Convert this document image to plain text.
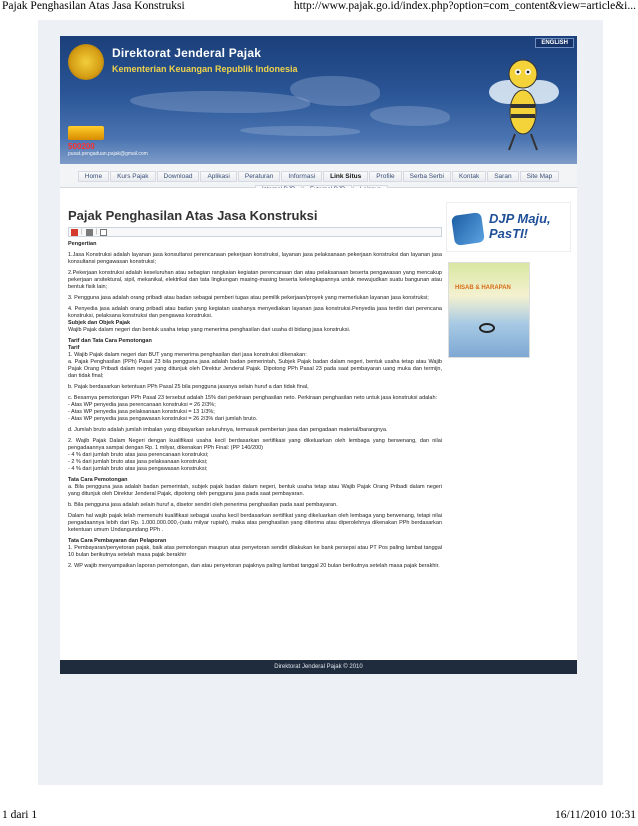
Pajak Penghasilan Atas Jasa Konstruksi	http://www.pajak.go.id/index.php?option=com_content&view=article&i...
ENGLISH
Direktorat Jenderal Pajak
Kementerian Keuangan Republik Indonesia
500200
pusat.pengaduan.pajak@gmail.com
Home	Kurs Pajak	Download	Aplikasi	Peraturan	Informasi	Link Situs	Profile	Serba Serbi	Kontak	Saran	Site Map
Pajak Penghasilan Atas Jasa Konstruksi
| |

Pengertian

1.Jasa Konstruksi adalah layanan jasa konsultansi perencanaan pekerjaan konstruksi, layanan jasa pelaksanaan pekerjaan konstruksi dan layanan jasa konsultansi pengawasan konstruksi;

2.Pekerjaan konstruksi adalah keseluruhan atau sebagian rangkaian kegiatan perencanaan dan atau pelaksanaan beserta pengawasan yang mencakup pekerjaan arsitektural, sipil, mekanikal, elektrikal dan tata lingkungan masing-masing beserta kelengkapannya untuk mewujudkan suatu bangunan atau bentuk fisik lain;

3. Pengguna jasa adalah orang pribadi atau badan sebagai pemberi tugas atau pemilik pekerjaan/proyek yang memerlukan layanan jasa konstruksi;

4. Penyedia jasa adalah orang pribadi atau badan yang kegiatan usahanya menyediakan layanan jasa konstruksi.Penyedia jasa terdiri dari perencana konstruksi, pelaksana konstruksi dan pengawas konstruksi.

Subjek dan Objek Pajak

Wajib Pajak dalam negeri dan bentuk usaha tetap yang menerima penghasilan dari usaha di bidang jasa konstruksi.

Tarif dan Tata Cara Pemotongan

Tarif

1. Wajib Pajak dalam negeri dan BUT yang menerima penghasilan dari jasa konstruksi dikenakan:

a. Pajak Penghasilan (PPh) Pasal 23 bila pengguna jasa adalah badan pemerintah, Subjek Pajak badan dalam negeri, bentuk usaha tetap atau Wajib Pajak Orang Pribadi dalam negeri yang ditunjuk oleh Direktur Jenderal Pajak. Dipotong PPh Pasal 23 pada saat pembayaran uang muka dan termijn, dan tidak final;

b. Pajak berdasarkan ketentuan PPh Pasal 25 bila pengguna jasanya selain huruf a dan tidak final,

c. Besarnya pemotongan PPh Pasal 23 tersebut adalah 15% dari perkiraan penghasilan neto. Perkiraan penghasilan neto untuk jasa konstruksi adalah:

- Atas WP penyedia jasa perencanaan konstruksi = 26 2/3%;

- Atas WP penyedia jasa pelaksanaan konstruksi = 13 1/3%;

- Atas WP penyedia jasa pengawasan konstruksi = 26 2/3% dari jumlah bruto.

d. Jumlah bruto adalah jumlah imbalan yang dibayarkan seluruhnya, termasuk pemberian jasa dan pengadaan material/barangnya.

2. Wajib Pajak Dalam Negeri dengan kualifikasi usaha kecil berdasarkan sertifikasi yang dikeluarkan oleh lembaga yang berwenang, dan nilai pengadaannya sampai dengan Rp. 1 milyar, dikenakan PPh Final: (PP 140/200)

- 4 % dari jumlah bruto atas jasa perencanaan konstruksi;

- 2 % dari jumlah bruto atas jasa pelaksanaan konstruksi;

- 4 % dari jumlah bruto atas jasa pengawasan konstruksi;

Tata Cara Pemotongan

a. Bila pengguna jasa adalah badan pemerintah, subjek pajak badan dalam negeri, bentuk usaha tetap atau Wajib Pajak Orang Pribadi dalam negeri yang ditunjuk oleh Direktur Jenderal Pajak, dipotong oleh pengguna jasa pada saat pembayaran.

b. Bila pengguna jasa adalah selain huruf a, disetor sendiri oleh penerima penghasilan pada saat pembayaran.

Dalam hal wajib pajak telah memenuhi kualifikasi sebagai usaha kecil berdasarkan sertifikat yang dikeluarkan oleh lembaga yang berwenang, tetapi nilai pengadaannya lebih dari Rp. 1.000.000.000,-(satu milyar rupiah), maka atas penghasilan yang diterima atau diperolehnya dikenakan PPh berdasarkan ketentuan umum Undangundang PPh .

Tata Cara Pembayaran dan Pelaporan

1. Pembayaran/penyetoran pajak, baik atas pemotongan maupun atas penyetoran sendiri dilakukan ke bank persepsi atau PT Pos paling lambat tanggal 10 bulan berikutnya setelah masa pajak berakhir

2. WP wajib menyampaikan laporan pemotongan, dan atau penyetoran pajaknya paling lambat tanggal 20 bulan berikutnya setelah masa pajak berakhir.

DJP Maju, PasTI!
HISAB & HARAPAN
Direktorat Jenderal Pajak © 2010
1 dari 1	16/11/2010 10:31
